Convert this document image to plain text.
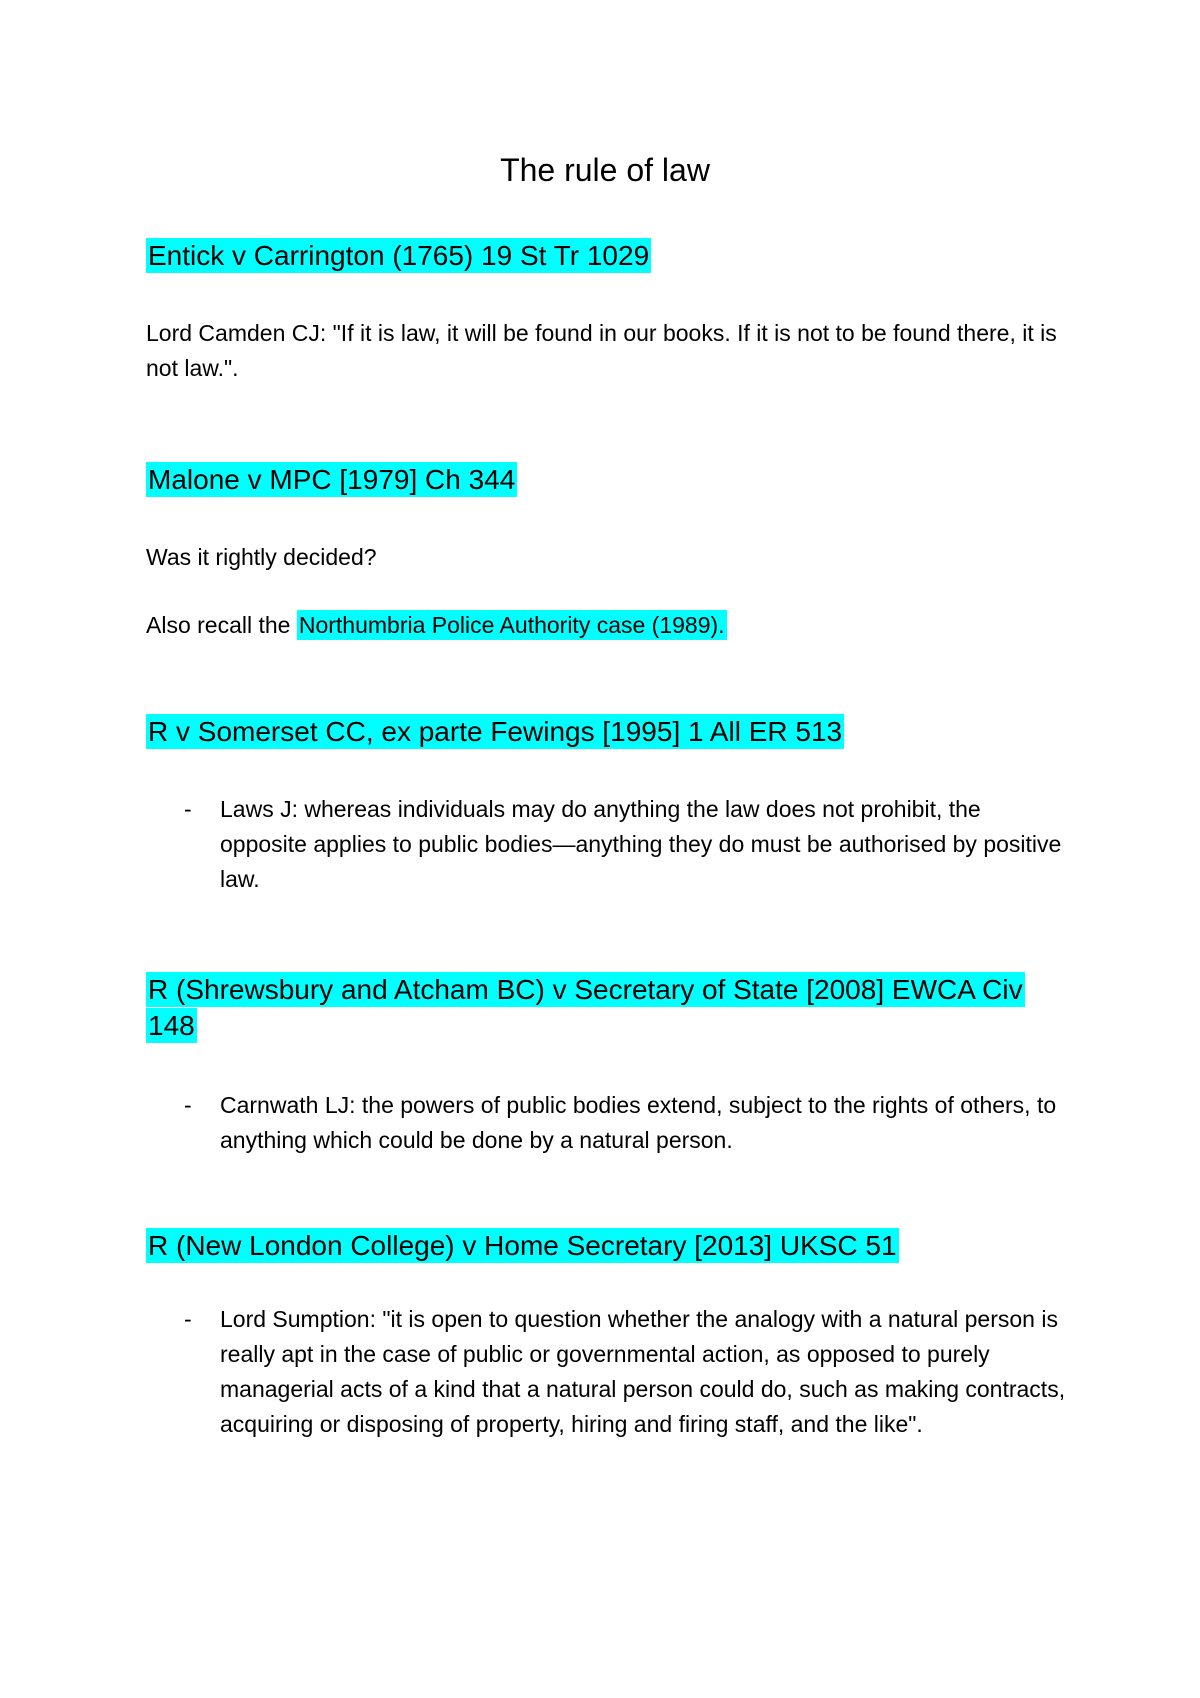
The rule of law
Entick v Carrington (1765) 19 St Tr 1029

Lord Camden CJ: "If it is law, it will be found in our books. If it is not to be found there, it is not law.".

Malone v MPC [1979] Ch 344

Was it rightly decided?

Also recall the Northumbria Police Authority case (1989).

R v Somerset CC, ex parte Fewings [1995] 1 All ER 513
- Laws J: whereas individuals may do anything the law does not prohibit, the opposite applies to public bodies—anything they do must be authorised by positive law.
R (Shrewsbury and Atcham BC) v Secretary of State [2008] EWCA Civ 148
- Carnwath LJ: the powers of public bodies extend, subject to the rights of others, to anything which could be done by a natural person.
R (New London College) v Home Secretary [2013] UKSC 51
- Lord Sumption: "it is open to question whether the analogy with a natural person is really apt in the case of public or governmental action, as opposed to purely managerial acts of a kind that a natural person could do, such as making contracts, acquiring or disposing of property, hiring and firing staff, and the like".
